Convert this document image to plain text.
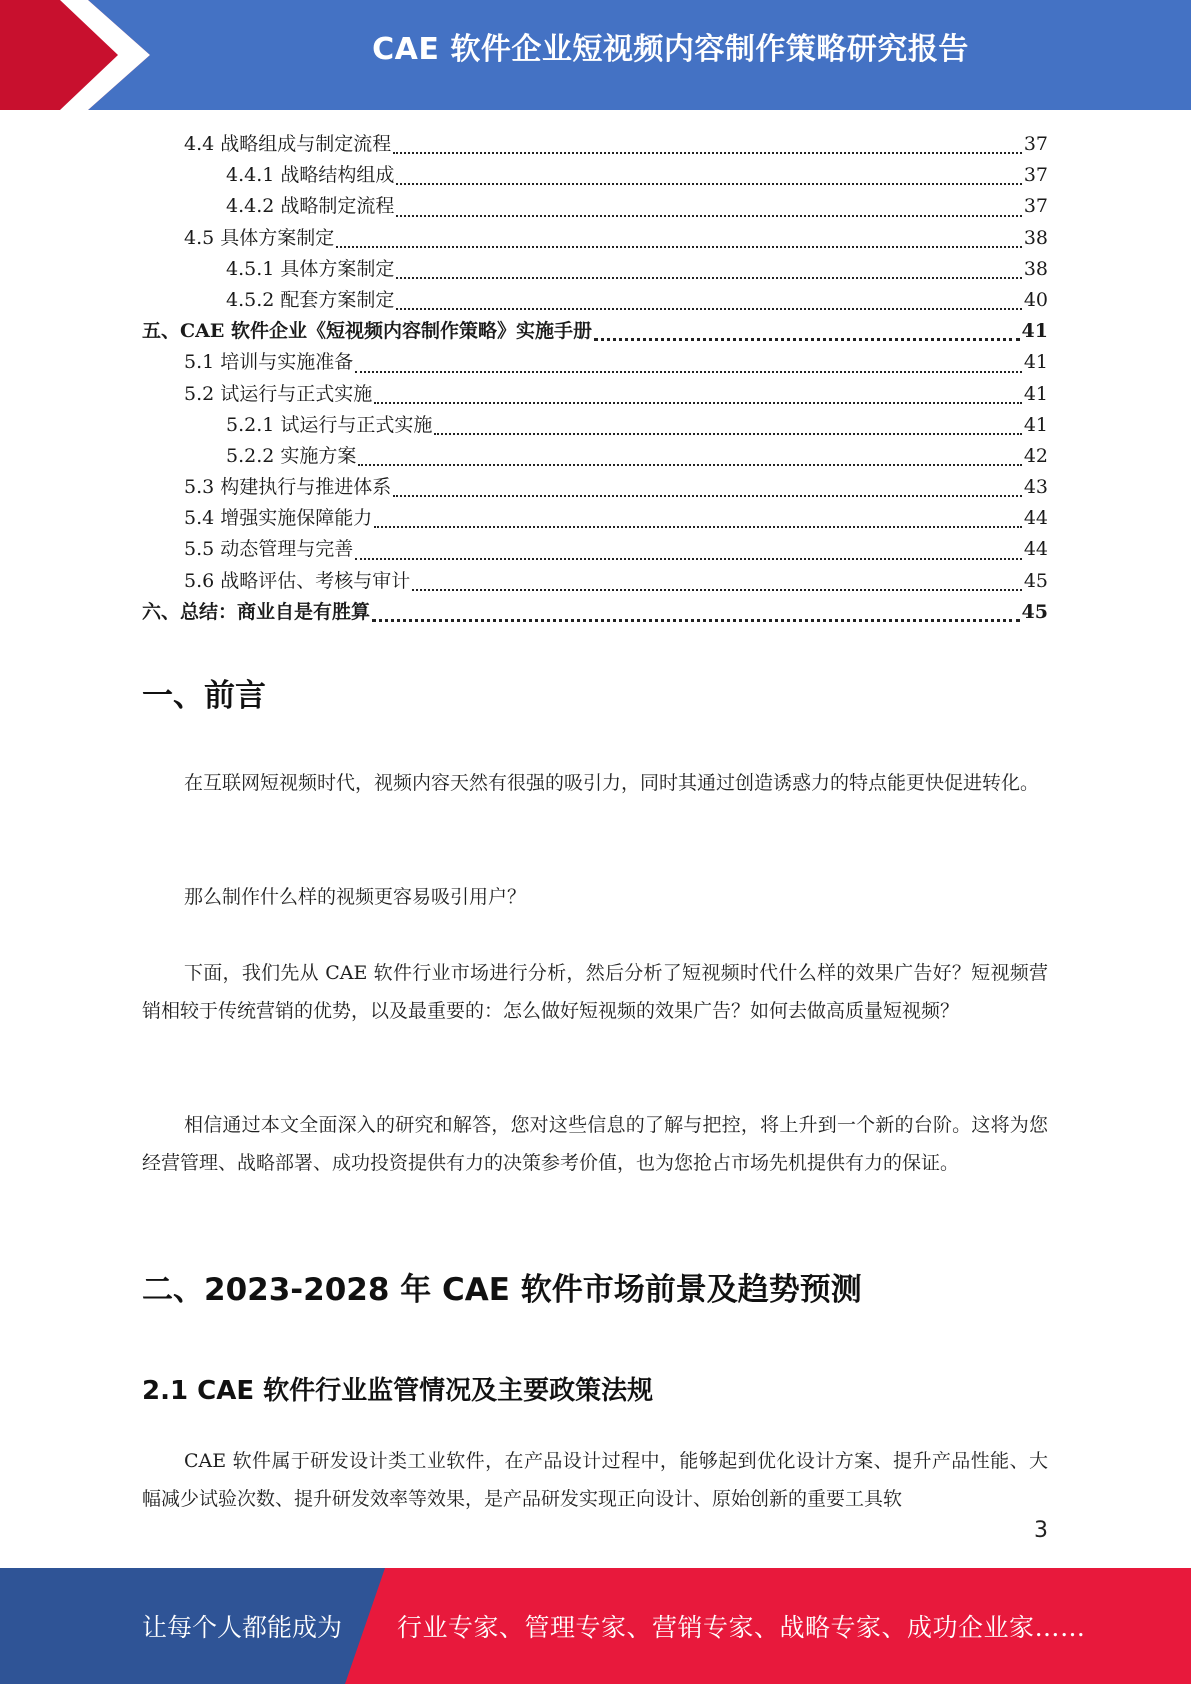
CAE 软件企业短视频内容制作策略研究报告
4.4 战略组成与制定流程	37
4.4.1 战略结构组成	37
4.4.2 战略制定流程	37
4.5 具体方案制定	38
4.5.1 具体方案制定	38
4.5.2 配套方案制定	40
五、CAE 软件企业《短视频内容制作策略》实施手册	41
5.1 培训与实施准备	41
5.2 试运行与正式实施	41
5.2.1 试运行与正式实施	41
5.2.2 实施方案	42
5.3 构建执行与推进体系	43
5.4 增强实施保障能力	44
5.5 动态管理与完善	44
5.6 战略评估、考核与审计	45
六、总结：商业自是有胜算	45
一、前言
在互联网短视频时代，视频内容天然有很强的吸引力，同时其通过创造诱惑力的特点能更快促进转化。
那么制作什么样的视频更容易吸引用户？
下面，我们先从 CAE 软件行业市场进行分析，然后分析了短视频时代什么样的效果广告好？短视频营销相较于传统营销的优势，以及最重要的：怎么做好短视频的效果广告？如何去做高质量短视频？
相信通过本文全面深入的研究和解答，您对这些信息的了解与把控，将上升到一个新的台阶。这将为您经营管理、战略部署、成功投资提供有力的决策参考价值，也为您抢占市场先机提供有力的保证。
二、2023-2028 年 CAE 软件市场前景及趋势预测
2.1 CAE 软件行业监管情况及主要政策法规
CAE 软件属于研发设计类工业软件，在产品设计过程中，能够起到优化设计方案、提升产品性能、大幅减少试验次数、提升研发效率等效果，是产品研发实现正向设计、原始创新的重要工具软
3
让每个人都能成为 行业专家、管理专家、营销专家、战略专家、成功企业家……
